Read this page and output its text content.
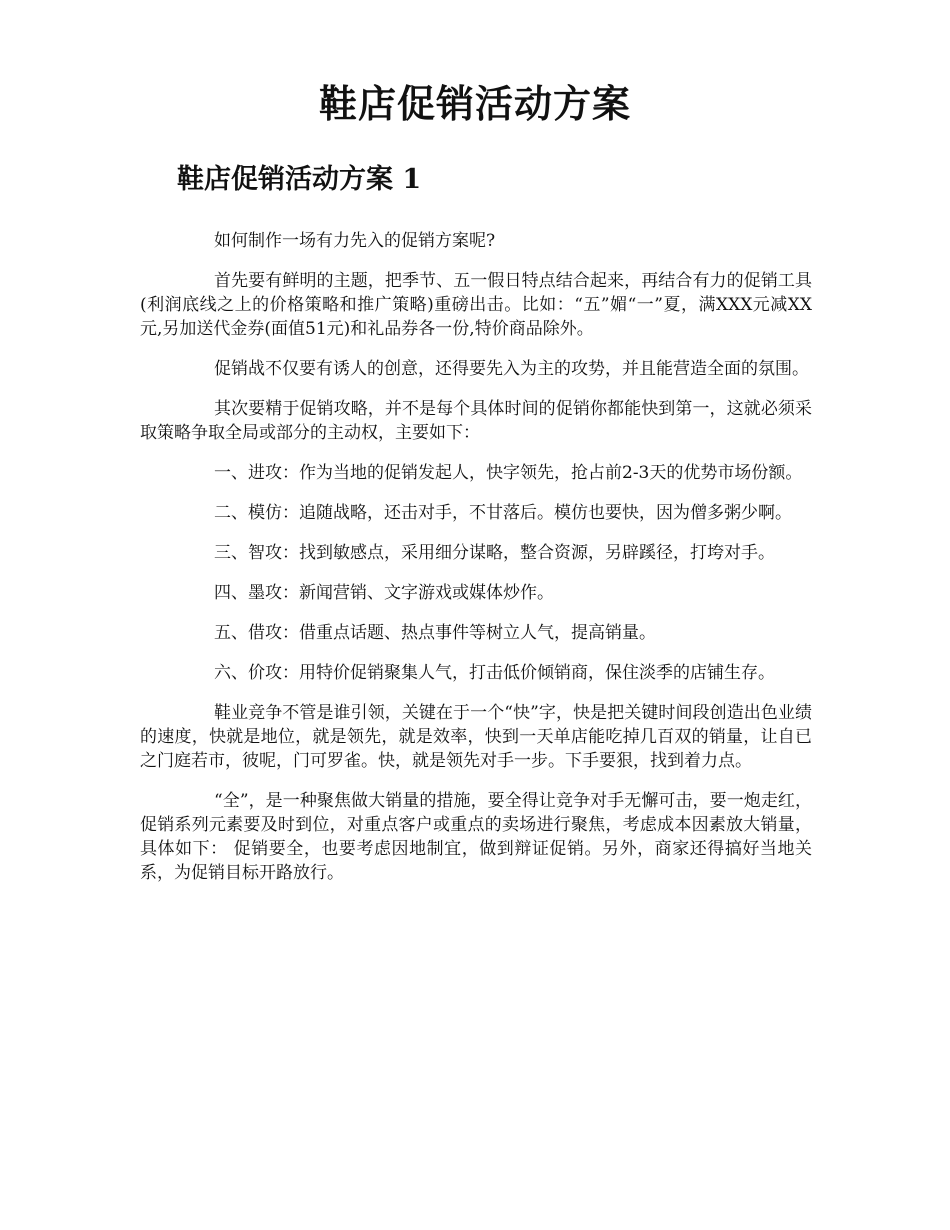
鞋店促销活动方案
鞋店促销活动方案 1

如何制作一场有力先入的促销方案呢?

首先要有鲜明的主题，把季节、五一假日特点结合起来，再结合有力的促销工具(利润底线之上的价格策略和推广策略)重磅出击。比如：“五”媚“一”夏，满XXX元减XX元,另加送代金券(面值51元)和礼品券各一份,特价商品除外。

促销战不仅要有诱人的创意，还得要先入为主的攻势，并且能营造全面的氛围。

其次要精于促销攻略，并不是每个具体时间的促销你都能快到第一，这就必须采取策略争取全局或部分的主动权，主要如下：

一、进攻：作为当地的促销发起人，快字领先，抢占前2-3天的优势市场份额。

二、模仿：追随战略，还击对手，不甘落后。模仿也要快，因为僧多粥少啊。

三、智攻：找到敏感点，采用细分谋略，整合资源，另辟蹊径，打垮对手。

四、墨攻：新闻营销、文字游戏或媒体炒作。

五、借攻：借重点话题、热点事件等树立人气，提高销量。

六、价攻：用特价促销聚集人气，打击低价倾销商，保住淡季的店铺生存。

鞋业竞争不管是谁引领，关键在于一个“快”字，快是把关键时间段创造出色业绩的速度，快就是地位，就是领先，就是效率，快到一天单店能吃掉几百双的销量，让自已之门庭若市，彼呢，门可罗雀。快，就是领先对手一步。下手要狠，找到着力点。

“全”，是一种聚焦做大销量的措施，要全得让竞争对手无懈可击，要一炮走红，促销系列元素要及时到位，对重点客户或重点的卖场进行聚焦，考虑成本因素放大销量，具体如下： 促销要全，也要考虑因地制宜，做到辩证促销。另外，商家还得搞好当地关系，为促销目标开路放行。
